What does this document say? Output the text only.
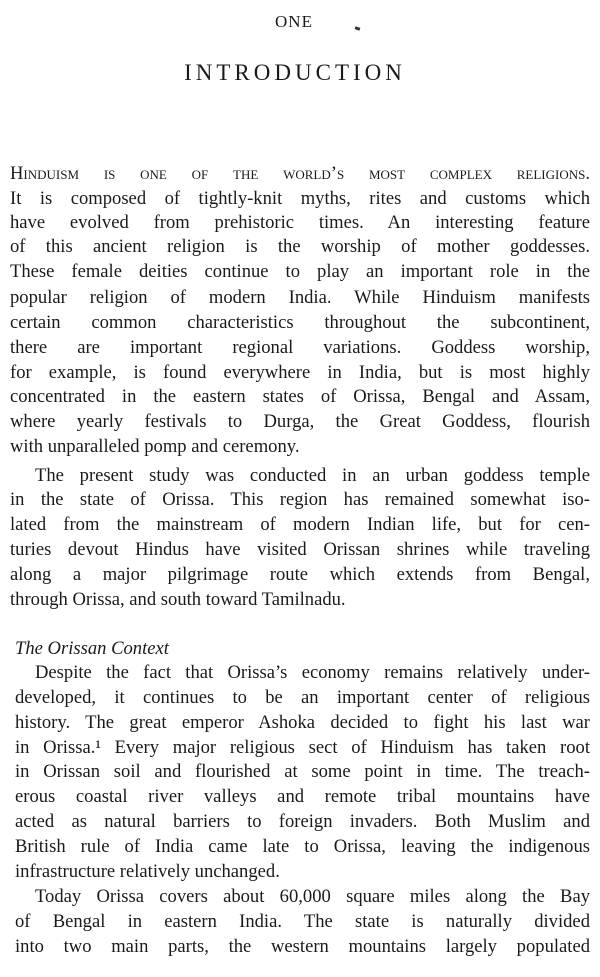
ONE
INTRODUCTION
Hinduism is one of the world’s most complex religions.
It is composed of tightly-knit myths, rites and customs which
have evolved from prehistoric times. An interesting feature
of this ancient religion is the worship of mother goddesses.
These female deities continue to play an important role in the
popular religion of modern India. While Hinduism manifests
certain common characteristics throughout the subcontinent,
there are important regional variations. Goddess worship,
for example, is found everywhere in India, but is most highly
concentrated in the eastern states of Orissa, Bengal and Assam,
where yearly festivals to Durga, the Great Goddess, flourish
with unparalleled pomp and ceremony.
The present study was conducted in an urban goddess temple
in the state of Orissa. This region has remained somewhat iso-
lated from the mainstream of modern Indian life, but for cen-
turies devout Hindus have visited Orissan shrines while traveling
along a major pilgrimage route which extends from Bengal,
through Orissa, and south toward Tamilnadu.
The Orissan Context
Despite the fact that Orissa’s economy remains relatively under-
developed, it continues to be an important center of religious
history. The great emperor Ashoka decided to fight his last war
in Orissa.¹ Every major religious sect of Hinduism has taken root
in Orissan soil and flourished at some point in time. The treach-
erous coastal river valleys and remote tribal mountains have
acted as natural barriers to foreign invaders. Both Muslim and
British rule of India came late to Orissa, leaving the indigenous
infrastructure relatively unchanged.
Today Orissa covers about 60,000 square miles along the Bay
of Bengal in eastern India. The state is naturally divided
into two main parts, the western mountains largely populated
